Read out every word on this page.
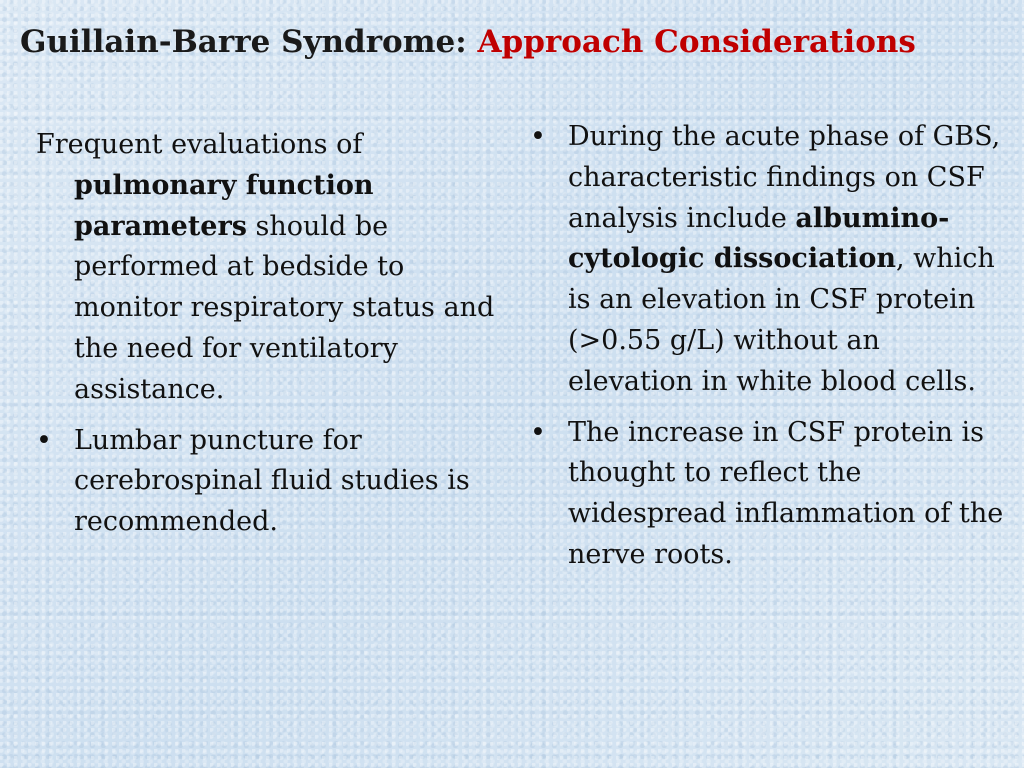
Guillain-Barre Syndrome: Approach Considerations

Frequent evaluations of pulmonary function parameters should be performed at bedside to monitor respiratory status and the need for ventilatory assistance.

• Lumbar puncture for cerebrospinal fluid studies is recommended.
• During the acute phase of GBS, characteristic findings on CSF analysis include albumino-cytologic dissociation, which is an elevation in CSF protein (>0.55 g/L) without an elevation in white blood cells.
• The increase in CSF protein is thought to reflect the widespread inflammation of the nerve roots.
